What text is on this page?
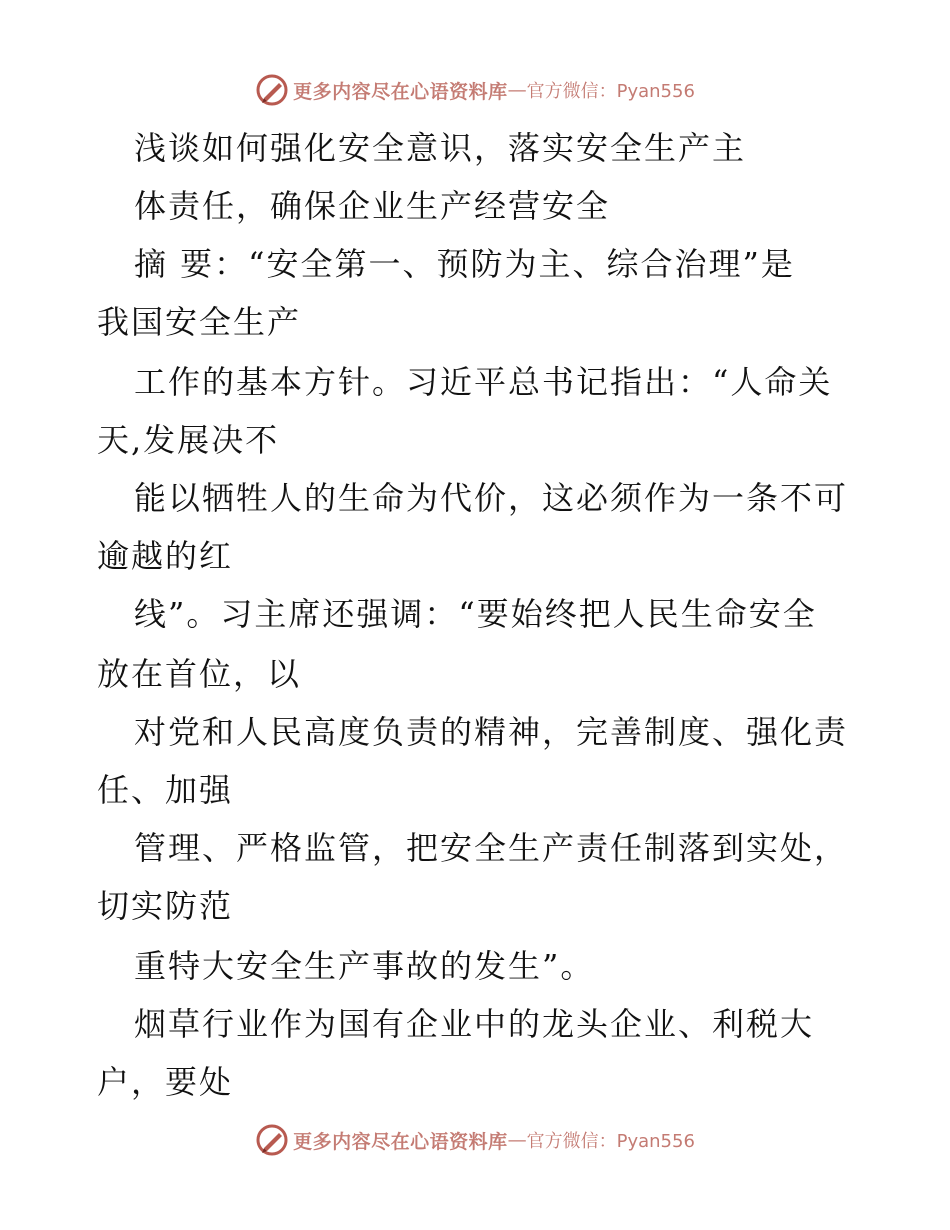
更多内容尽在心语资料库 — 官方微信：Pyan556
浅谈如何强化安全意识，落实安全生产主
体责任，确保企业生产经营安全
摘 要：“安全第一、预防为主、综合治理”是
我国安全生产
工作的基本方针。习近平总书记指出：“人命关
天,发展决不
能以牺牲人的生命为代价，这必须作为一条不可
逾越的红
线”。习主席还强调：“要始终把人民生命安全
放在首位，以
对党和人民高度负责的精神，完善制度、强化责
任、加强
管理、严格监管，把安全生产责任制落到实处，
切实防范
重特大安全生产事故的发生”。
烟草行业作为国有企业中的龙头企业、利税大
户，要处
更多内容尽在心语资料库 — 官方微信：Pyan556
